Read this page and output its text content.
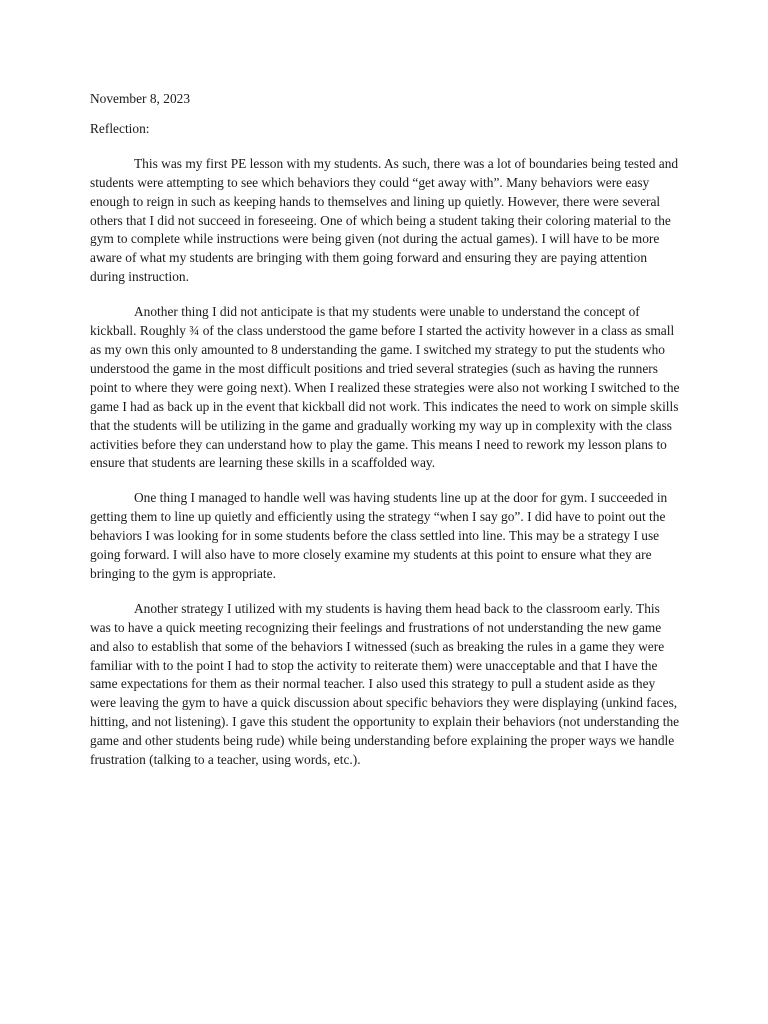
November 8, 2023

Reflection:

This was my first PE lesson with my students. As such, there was a lot of boundaries being tested and students were attempting to see which behaviors they could “get away with”. Many behaviors were easy enough to reign in such as keeping hands to themselves and lining up quietly. However, there were several others that I did not succeed in foreseeing. One of which being a student taking their coloring material to the gym to complete while instructions were being given (not during the actual games). I will have to be more aware of what my students are bringing with them going forward and ensuring they are paying attention during instruction.

Another thing I did not anticipate is that my students were unable to understand the concept of kickball. Roughly ¾ of the class understood the game before I started the activity however in a class as small as my own this only amounted to 8 understanding the game. I switched my strategy to put the students who understood the game in the most difficult positions and tried several strategies (such as having the runners point to where they were going next). When I realized these strategies were also not working I switched to the game I had as back up in the event that kickball did not work. This indicates the need to work on simple skills that the students will be utilizing in the game and gradually working my way up in complexity with the class activities before they can understand how to play the game. This means I need to rework my lesson plans to ensure that students are learning these skills in a scaffolded way.

One thing I managed to handle well was having students line up at the door for gym. I succeeded in getting them to line up quietly and efficiently using the strategy “when I say go”. I did have to point out the behaviors I was looking for in some students before the class settled into line. This may be a strategy I use going forward. I will also have to more closely examine my students at this point to ensure what they are bringing to the gym is appropriate.

Another strategy I utilized with my students is having them head back to the classroom early. This was to have a quick meeting recognizing their feelings and frustrations of not understanding the new game and also to establish that some of the behaviors I witnessed (such as breaking the rules in a game they were familiar with to the point I had to stop the activity to reiterate them) were unacceptable and that I have the same expectations for them as their normal teacher. I also used this strategy to pull a student aside as they were leaving the gym to have a quick discussion about specific behaviors they were displaying (unkind faces, hitting, and not listening). I gave this student the opportunity to explain their behaviors (not understanding the game and other students being rude) while being understanding before explaining the proper ways we handle frustration (talking to a teacher, using words, etc.).
